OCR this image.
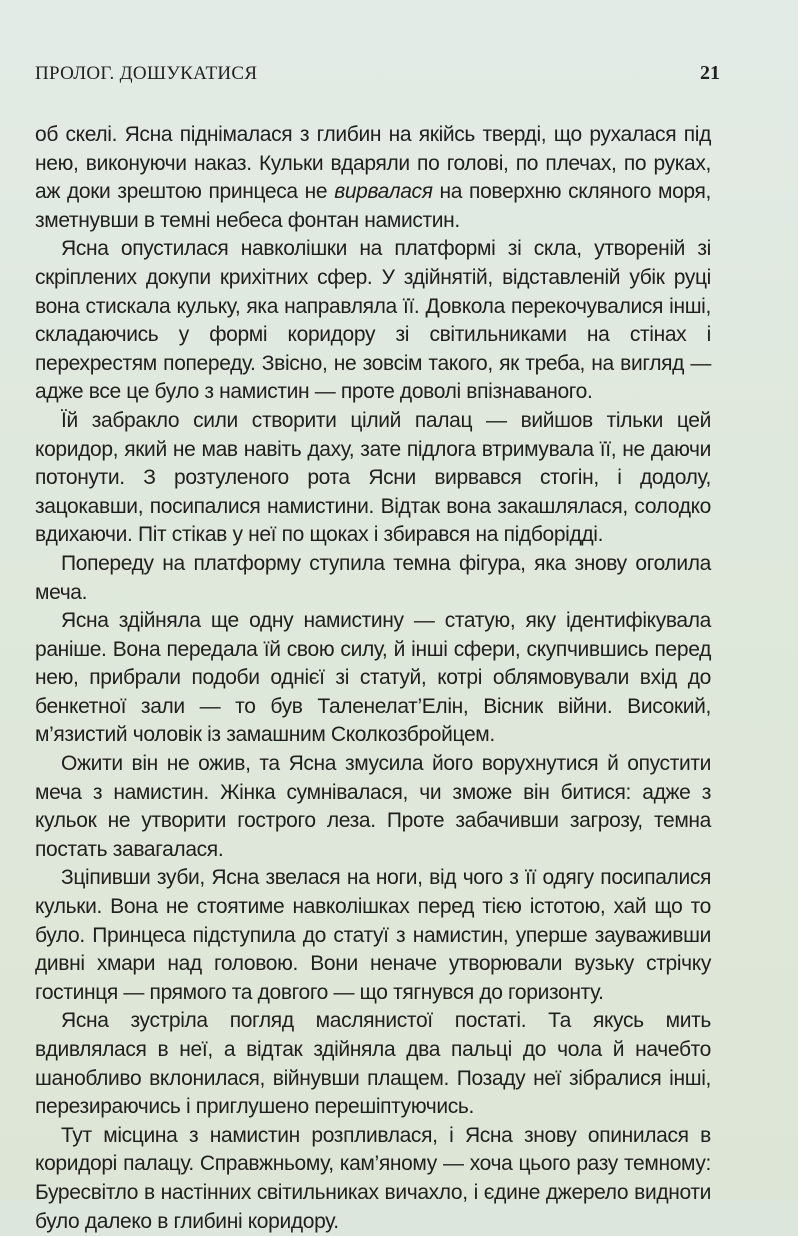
ПРОЛОГ. ДОШУКАТИСЯ	21

об скелі. Ясна піднімалася з глибин на якійсь тверді, що рухалася під нею, виконуючи наказ. Кульки вдаряли по голові, по плечах, по руках, аж доки зрештою принцеса не вирвалася на поверхню скляного моря, зметнувши в темні небеса фонтан намистин.

Ясна опустилася навколішки на платформі зі скла, утвореній зі скріплених докупи крихітних сфер. У здійнятій, відставленій убік руці вона стискала кульку, яка направляла її. Довкола перекочувалися інші, складаючись у формі коридору зі світильниками на стінах і перехрестям попереду. Звісно, не зовсім такого, як треба, на вигляд — адже все це було з намистин — проте доволі впізнаваного.

Їй забракло сили створити цілий палац — вийшов тільки цей коридор, який не мав навіть даху, зате підлога втримувала її, не даючи потонути. З розтуленого рота Ясни вирвався стогін, і додолу, зацокавши, посипалися намистини. Відтак вона закашлялася, солодко вдихаючи. Піт стікав у неї по щоках і збирався на підборідді.

Попереду на платформу ступила темна фігура, яка знову оголила меча.

Ясна здійняла ще одну намистину — статую, яку ідентифікувала раніше. Вона передала їй свою силу, й інші сфери, скупчившись перед нею, прибрали подоби однієї зі статуй, котрі облямовували вхід до бенкетної зали — то був Таленелат’Елін, Вісник війни. Високий, м’язистий чоловік із замашним Сколкозбройцем.

Ожити він не ожив, та Ясна змусила його ворухнутися й опустити меча з намистин. Жінка сумнівалася, чи зможе він битися: адже з кульок не утворити гострого леза. Проте забачивши загрозу, темна постать завагалася.

Зціпивши зуби, Ясна звелася на ноги, від чого з її одягу посипалися кульки. Вона не стоятиме навколішках перед тією істотою, хай що то було. Принцеса підступила до статуї з намистин, уперше зауваживши дивні хмари над головою. Вони неначе утворювали вузьку стрічку гостинця — прямого та довгого — що тягнувся до горизонту.

Ясна зустріла погляд маслянистої постаті. Та якусь мить вдивлялася в неї, а відтак здійняла два пальці до чола й начебто шанобливо вклонилася, війнувши плащем. Позаду неї зібралися інші, перезираючись і приглушено перешіптуючись.

Тут місцина з намистин розпливлася, і Ясна знову опинилася в коридорі палацу. Справжньому, кам’яному — хоча цього разу темному: Буресвітло в настінних світильниках вичахло, і єдине джерело видноти було далеко в глибині коридору.
